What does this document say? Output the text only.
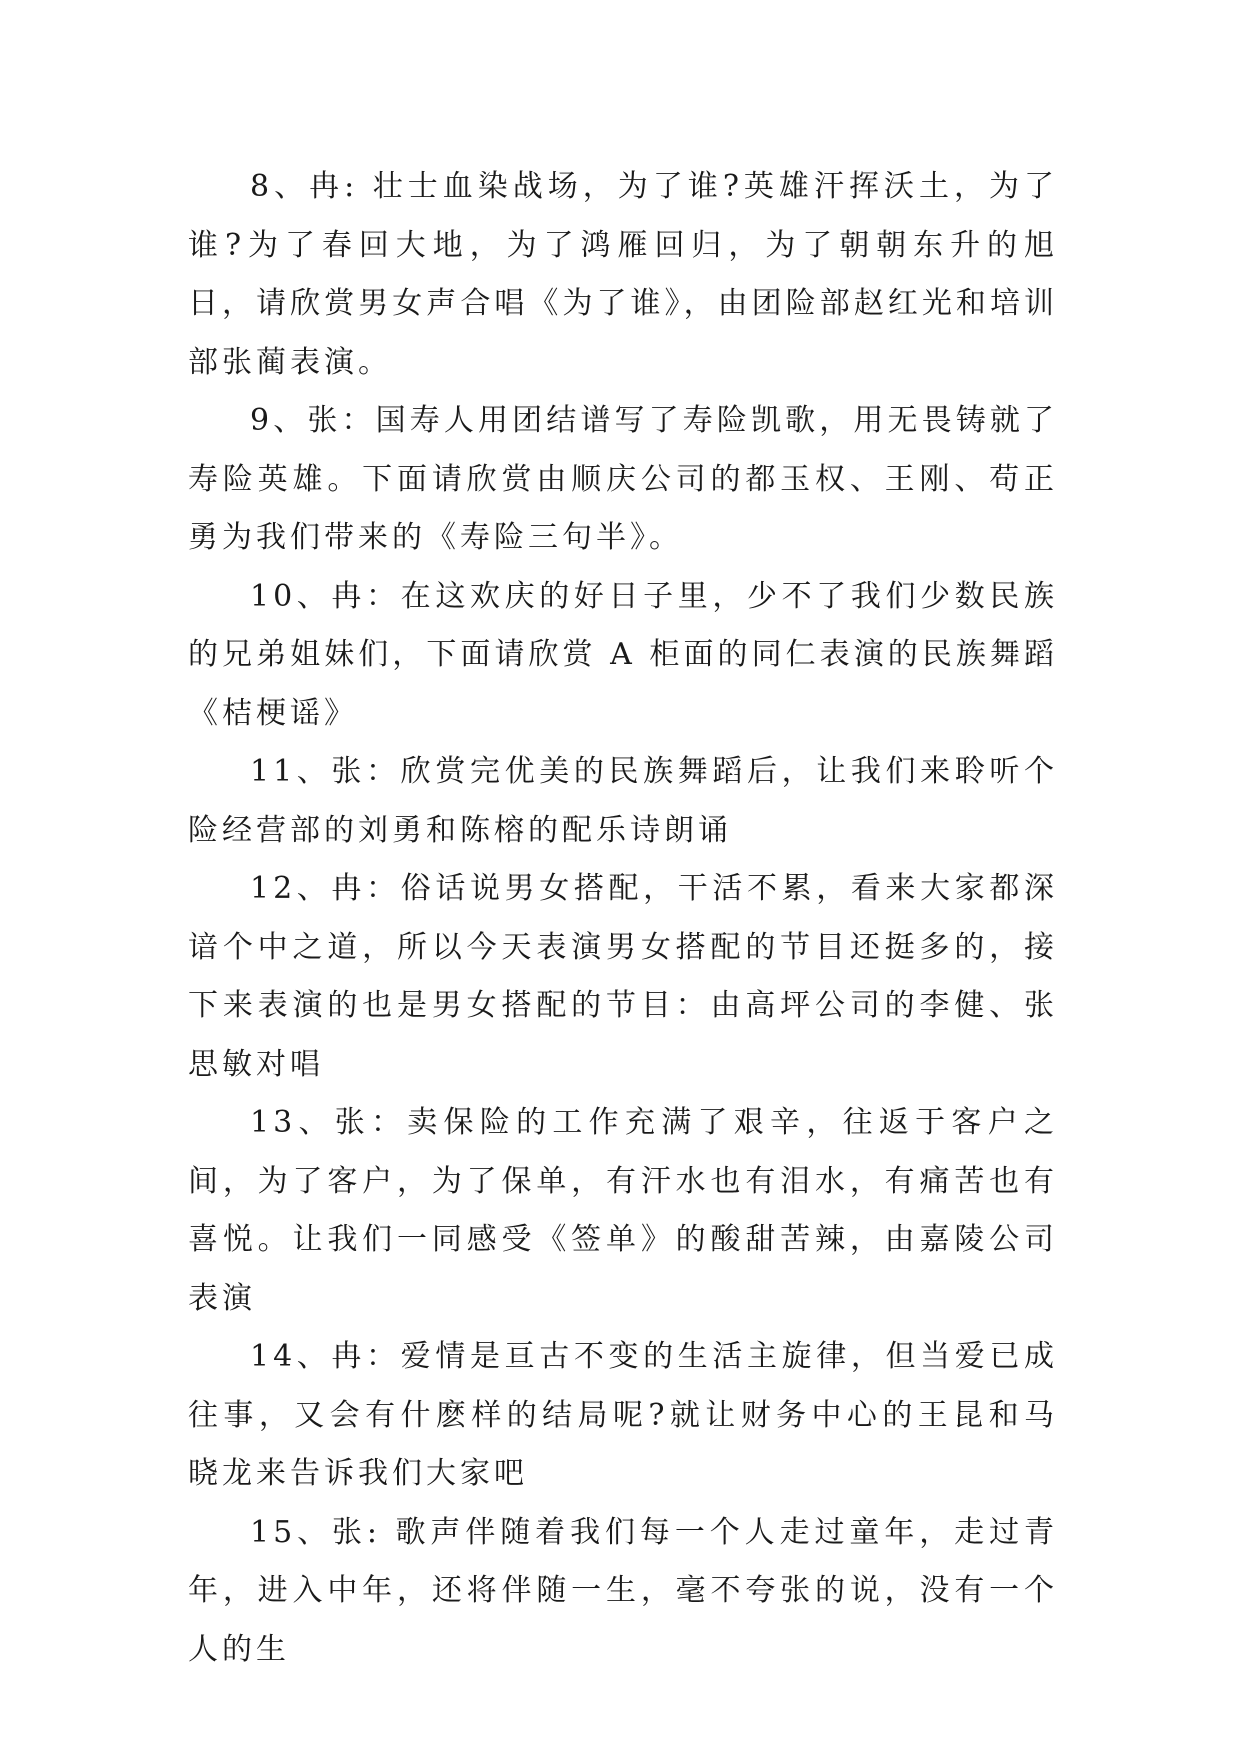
8、冉: 壮士血染战场，为了谁?英雄汗挥沃土，为了谁?为了春回大地，为了鸿雁回归，为了朝朝东升的旭日，请欣赏男女声合唱《为了谁》，由团险部赵红光和培训部张蔺表演。

9、张：国寿人用团结谱写了寿险凯歌，用无畏铸就了寿险英雄。下面请欣赏由顺庆公司的都玉权、王刚、苟正勇为我们带来的《寿险三句半》。

10、冉：在这欢庆的好日子里，少不了我们少数民族的兄弟姐妹们，下面请欣赏 A 柜面的同仁表演的民族舞蹈《桔梗谣》

11、张：欣赏完优美的民族舞蹈后，让我们来聆听个险经营部的刘勇和陈榕的配乐诗朗诵

12、冉：俗话说男女搭配，干活不累，看来大家都深谙个中之道，所以今天表演男女搭配的节目还挺多的，接下来表演的也是男女搭配的节目：由高坪公司的李健、张思敏对唱

13、张：卖保险的工作充满了艰辛，往返于客户之间，为了客户，为了保单，有汗水也有泪水，有痛苦也有喜悦。让我们一同感受《签单》的酸甜苦辣，由嘉陵公司表演

14、冉：爱情是亘古不变的生活主旋律，但当爱已成往事，又会有什麽样的结局呢?就让财务中心的王昆和马晓龙来告诉我们大家吧

15、张: 歌声伴随着我们每一个人走过童年，走过青年，进入中年，还将伴随一生，毫不夸张的说，没有一个人的生
